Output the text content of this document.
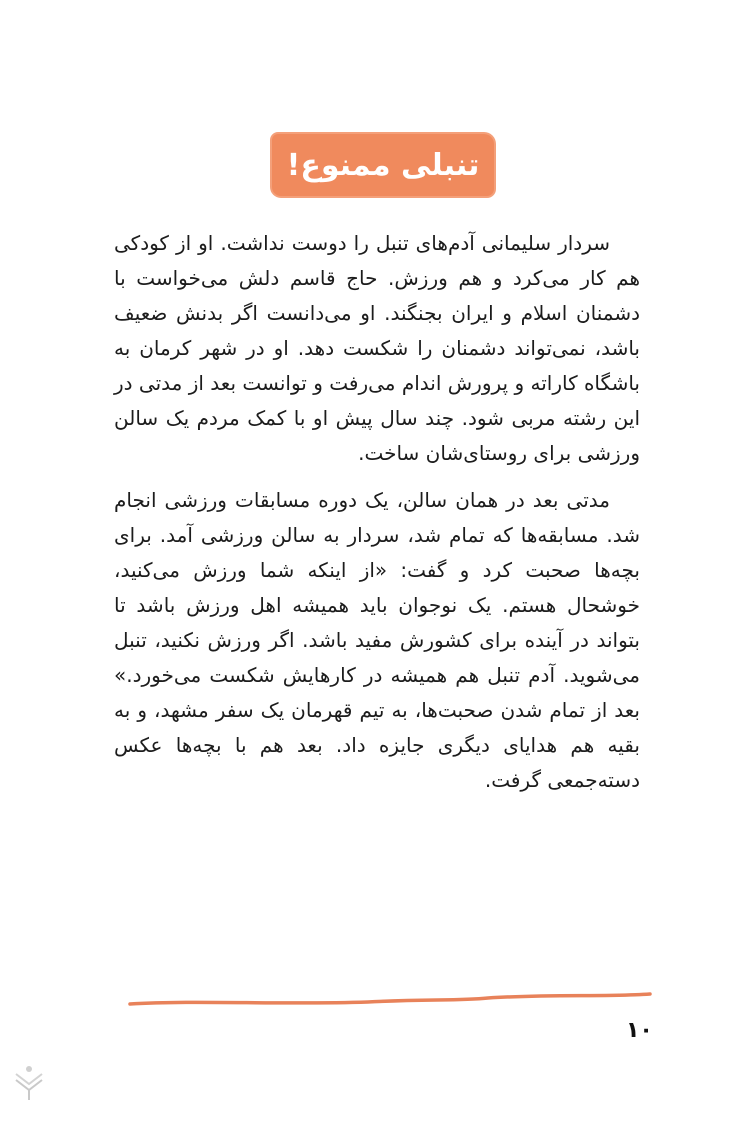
تنبلی ممنوع!

سردار سلیمانی آدم‌های تنبل را دوست نداشت. او از کودکی هم کار می‌کرد و هم ورزش. حاج قاسم دلش می‌خواست با دشمنان اسلام و ایران بجنگند. او می‌دانست اگر بدنش ضعیف باشد، نمی‌تواند دشمنان را شکست دهد. او در شهر کرمان به باشگاه کاراته و پرورش اندام می‌رفت و توانست بعد از مدتی در این رشته مربی شود. چند سال پیش او با کمک مردم یک سالن ورزشی برای روستای‌شان ساخت.

مدتی بعد در همان سالن، یک دوره مسابقات ورزشی انجام شد. مسابقه‌ها که تمام شد، سردار به سالن ورزشی آمد. برای بچه‌ها صحبت کرد و گفت: «از اینکه شما ورزش می‌کنید، خوشحال هستم. یک نوجوان باید همیشه اهل ورزش باشد تا بتواند در آینده برای کشورش مفید باشد. اگر ورزش نکنید، تنبل می‌شوید. آدم تنبل هم همیشه در کارهایش شکست می‌خورد.» بعد از تمام شدن صحبت‌ها، به تیم قهرمان یک سفر مشهد، و به بقیه هم هدایای دیگری جایزه داد. بعد هم با بچه‌ها عکس دسته‌جمعی گرفت.

۱۰
